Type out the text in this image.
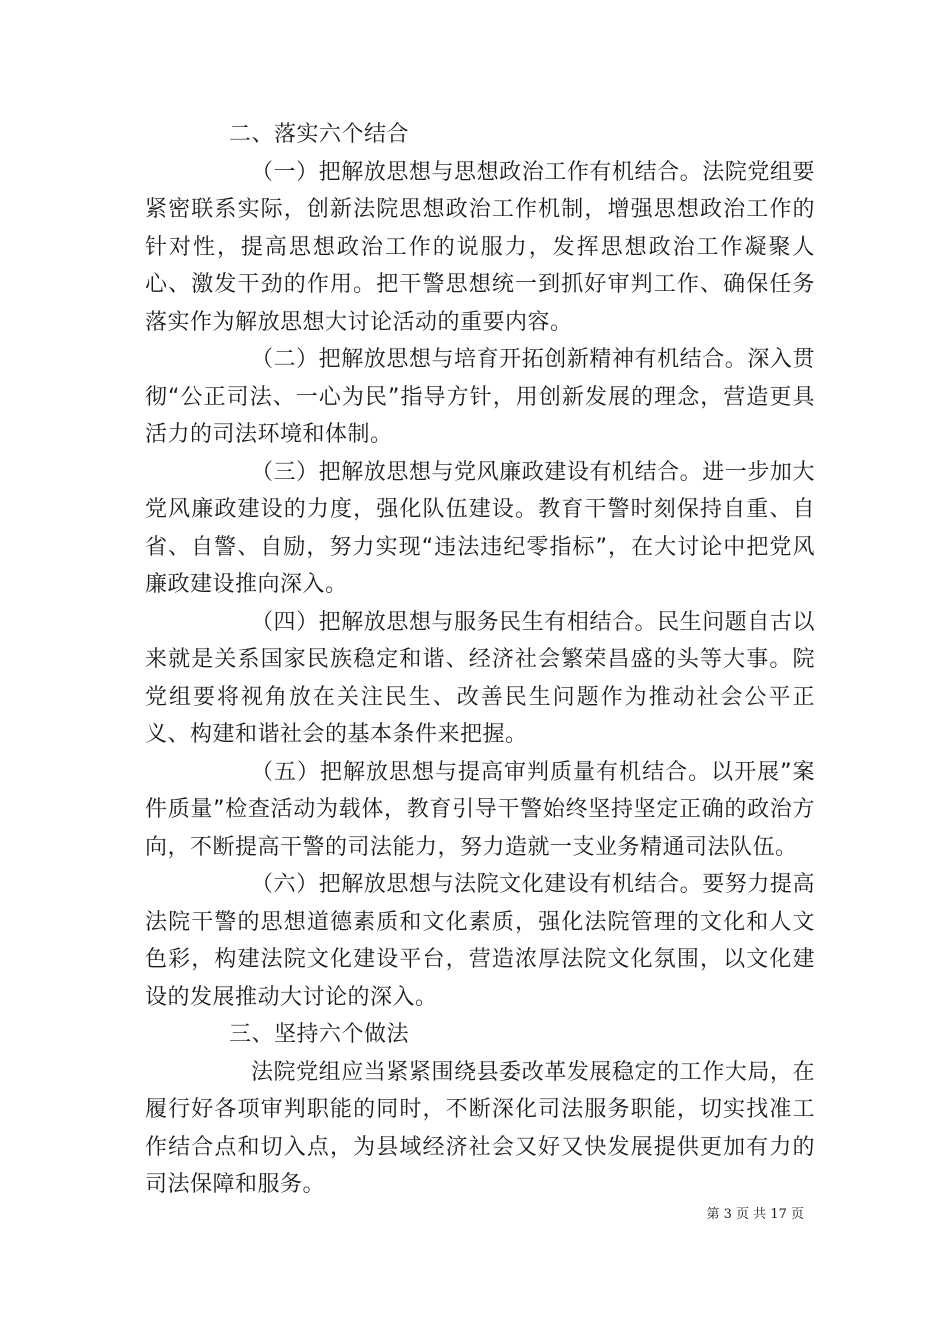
二、落实六个结合

（一）把解放思想与思想政治工作有机结合。法院党组要紧密联系实际，创新法院思想政治工作机制，增强思想政治工作的针对性，提高思想政治工作的说服力，发挥思想政治工作凝聚人心、激发干劲的作用。把干警思想统一到抓好审判工作、确保任务落实作为解放思想大讨论活动的重要内容。

（二）把解放思想与培育开拓创新精神有机结合。深入贯彻“公正司法、一心为民”指导方针，用创新发展的理念，营造更具活力的司法环境和体制。

（三）把解放思想与党风廉政建设有机结合。进一步加大党风廉政建设的力度，强化队伍建设。教育干警时刻保持自重、自省、自警、自励，努力实现“违法违纪零指标”，在大讨论中把党风廉政建设推向深入。

（四）把解放思想与服务民生有相结合。民生问题自古以来就是关系国家民族稳定和谐、经济社会繁荣昌盛的头等大事。院党组要将视角放在关注民生、改善民生问题作为推动社会公平正义、构建和谐社会的基本条件来把握。

（五）把解放思想与提高审判质量有机结合。以开展”案件质量”检查活动为载体，教育引导干警始终坚持坚定正确的政治方向，不断提高干警的司法能力，努力造就一支业务精通司法队伍。

（六）把解放思想与法院文化建设有机结合。要努力提高法院干警的思想道德素质和文化素质，强化法院管理的文化和人文色彩，构建法院文化建设平台，营造浓厚法院文化氛围，以文化建设的发展推动大讨论的深入。

三、坚持六个做法

法院党组应当紧紧围绕县委改革发展稳定的工作大局，在履行好各项审判职能的同时，不断深化司法服务职能，切实找准工作结合点和切入点，为县域经济社会又好又快发展提供更加有力的司法保障和服务。

第 3 页 共 17 页
